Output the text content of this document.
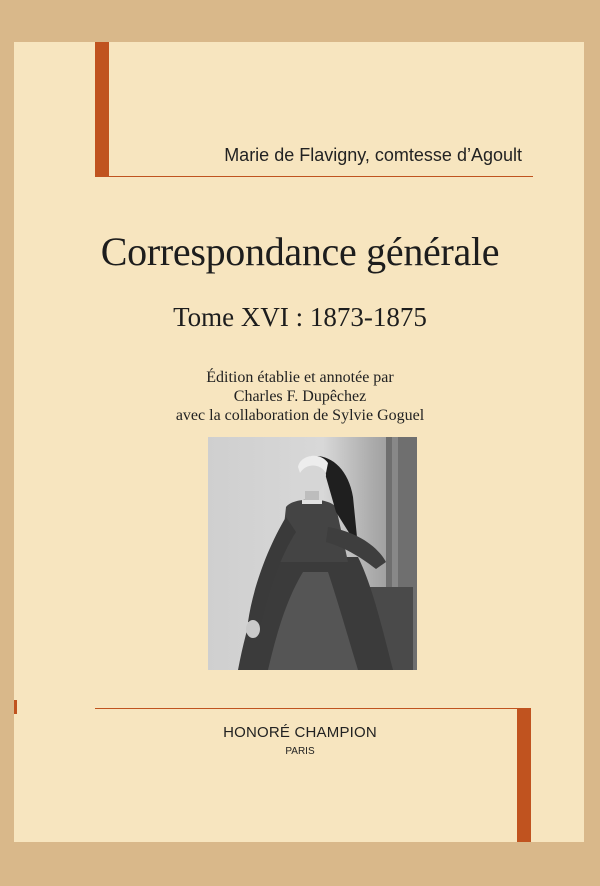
Marie de Flavigny, comtesse d’Agoult
Correspondance générale
Tome XVI : 1873-1875
Édition établie et annotée par
Charles F. Dupêchez
avec la collaboration de Sylvie Goguel
HONORÉ CHAMPION
PARIS
